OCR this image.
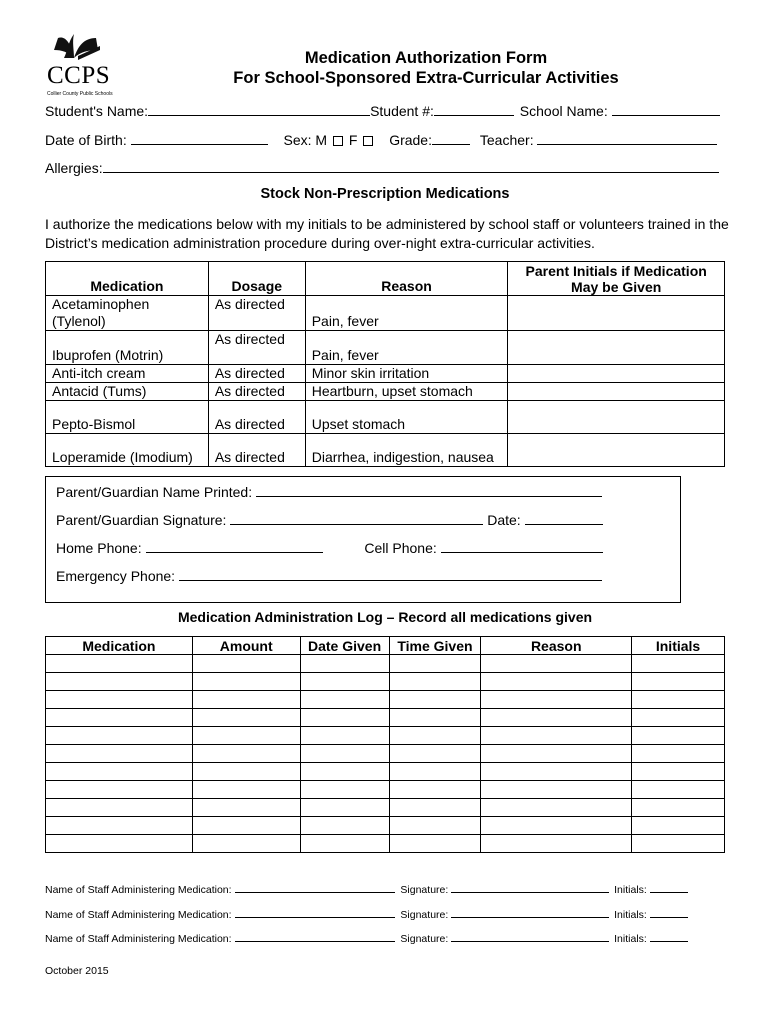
CCPS
Collier County Public Schools
Medication Authorization Form
For School-Sponsored Extra-Curricular Activities
Student's Name:	Student #:	School Name:
Date of Birth:	Sex: M F Grade:	Teacher:
Allergies:
Stock Non-Prescription Medications
I authorize the medications below with my initials to be administered by school staff or volunteers trained in the District’s medication administration procedure during over-night extra-curricular activities.
Medication	Dosage	Reason	Parent Initials if Medication May be Given

Acetaminophen
(Tylenol)	As directed	Pain, fever	
Ibuprofen (Motrin)	As directed	Pain, fever	
Anti-itch cream	As directed	Minor skin irritation	
Antacid (Tums)	As directed	Heartburn, upset stomach	
Pepto-Bismol	As directed	Upset stomach	
Loperamide (Imodium)	As directed	Diarrhea, indigestion, nausea	
Parent/Guardian Name Printed:
Parent/Guardian Signature:	Date:
Home Phone:	Cell Phone:
Emergency Phone:
Medication Administration Log – Record all medications given
Medication	Amount	Date Given	Time Given	Reason	Initials

Name of Staff Administering Medication:	Signature:	Initials:
Name of Staff Administering Medication:	Signature:	Initials:
Name of Staff Administering Medication:	Signature:	Initials:
October 2015
